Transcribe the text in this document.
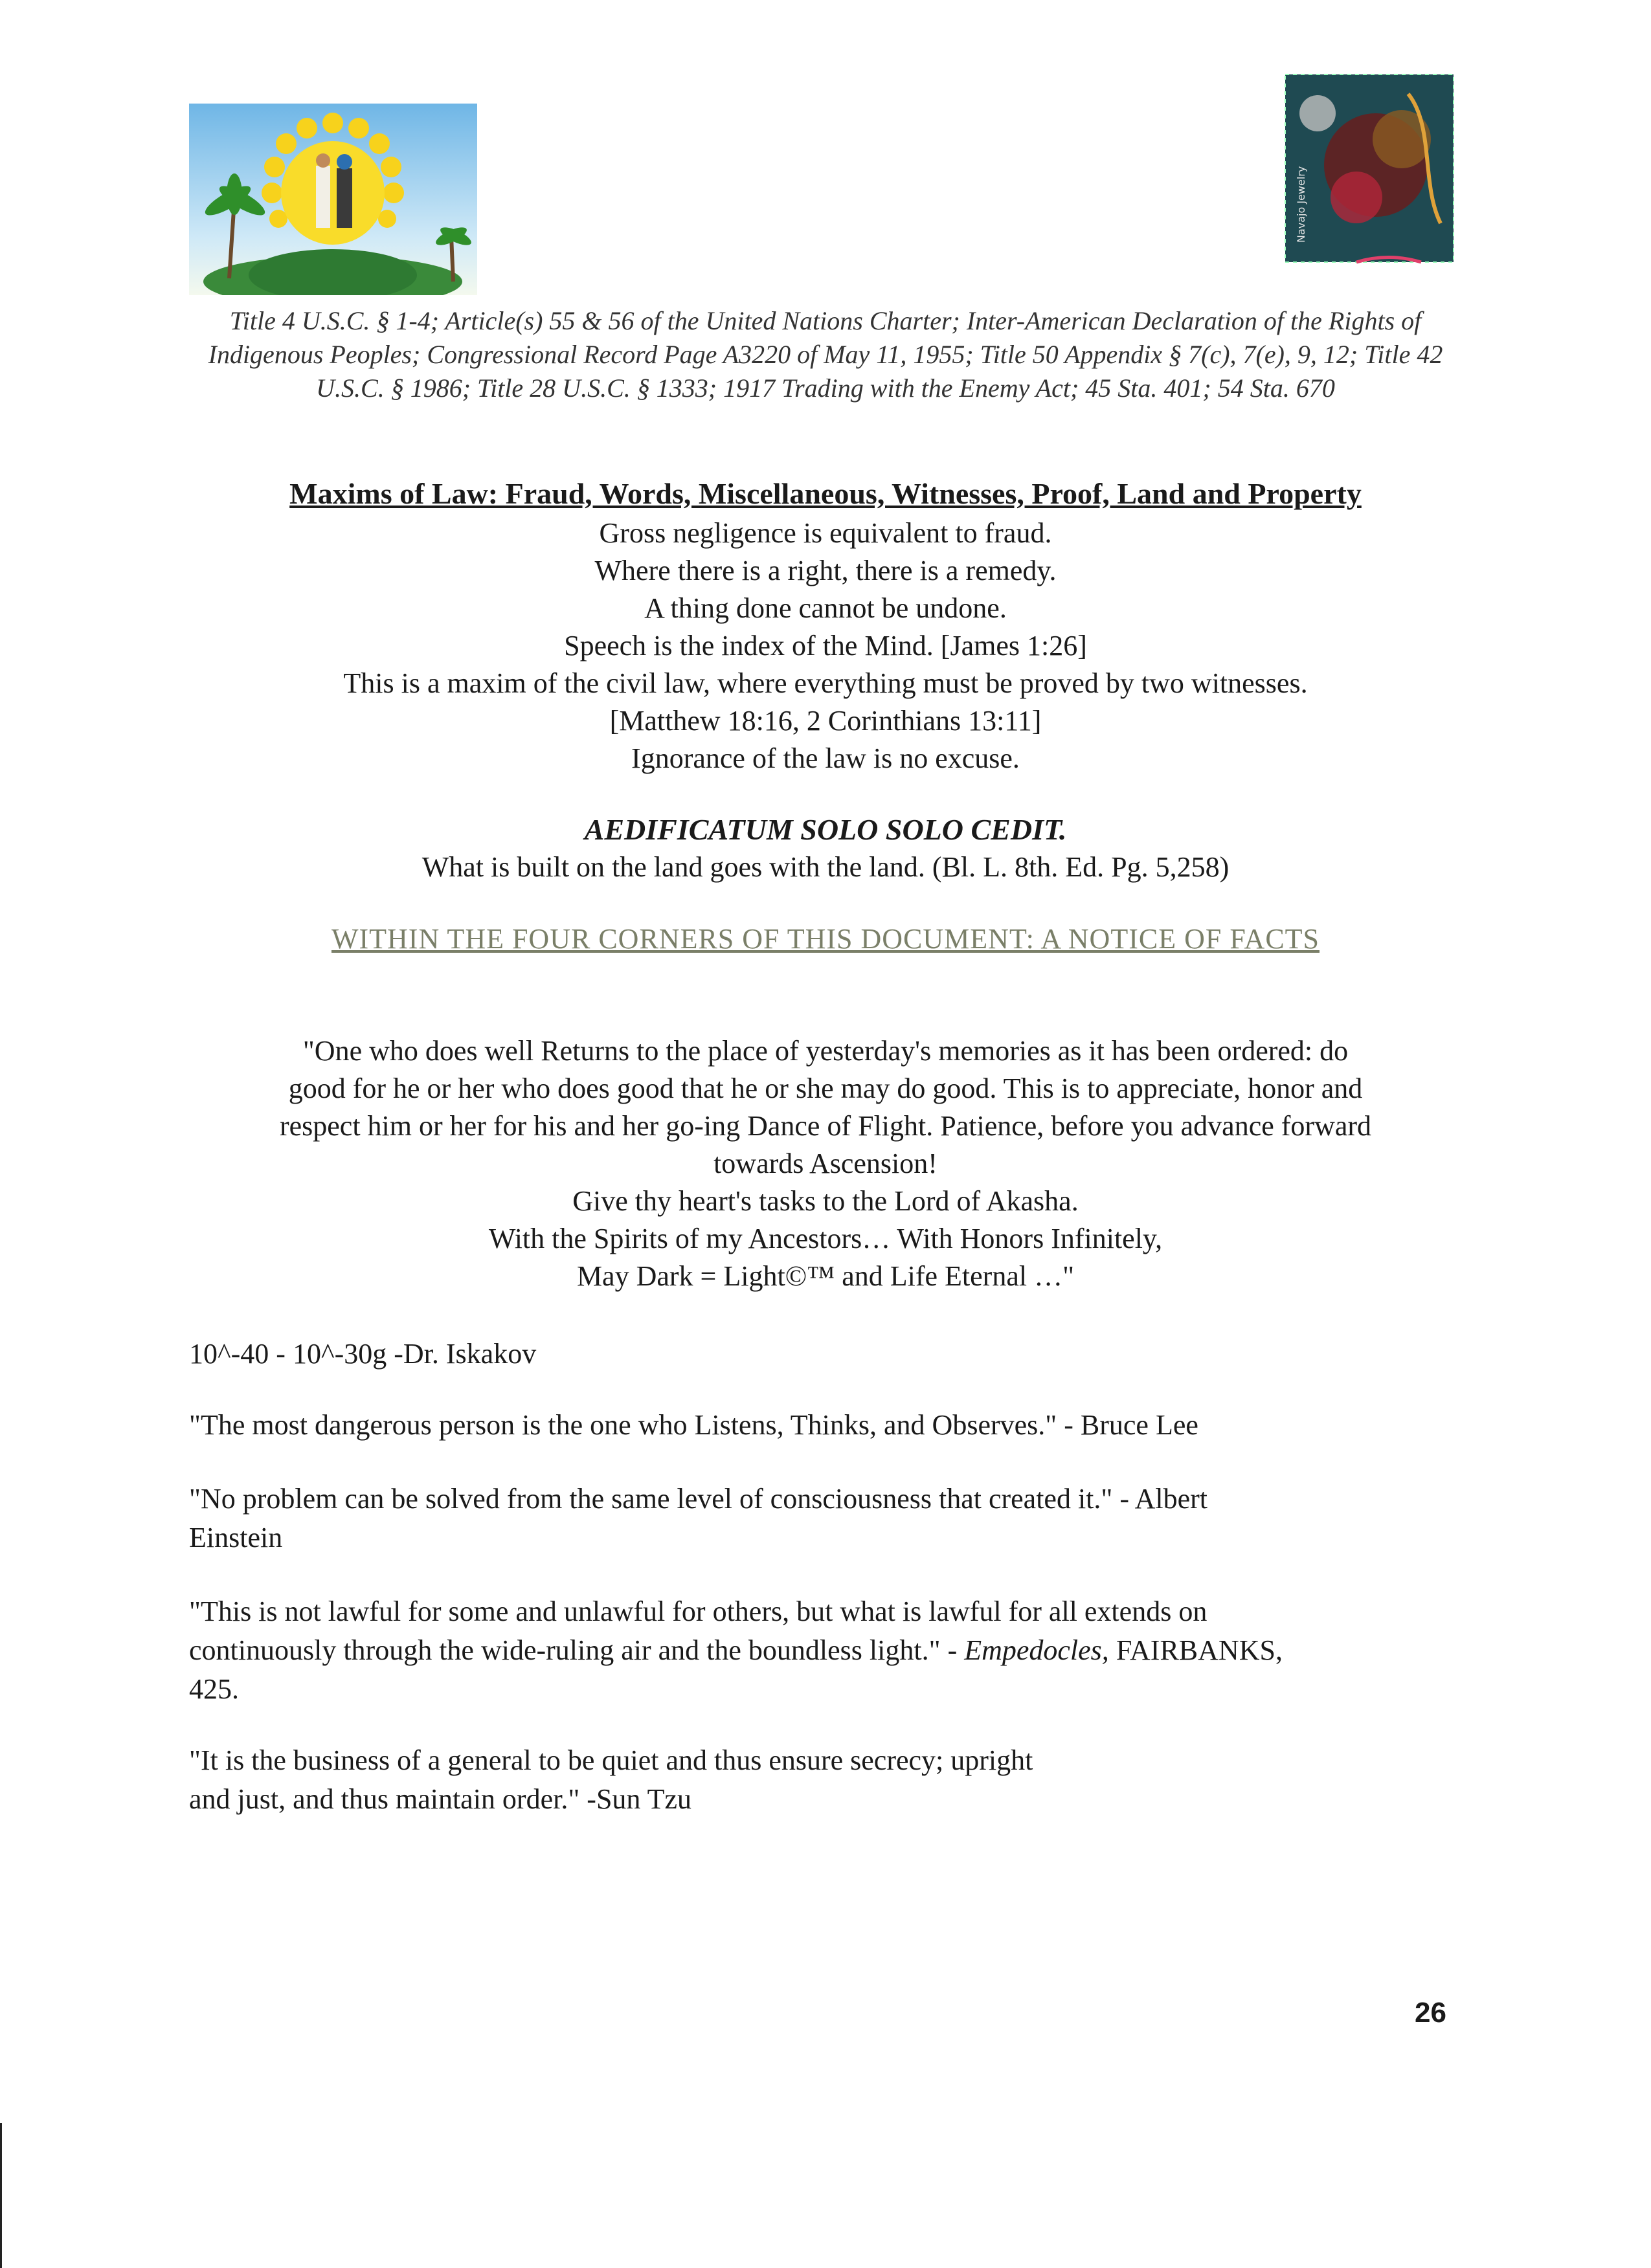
Navajo Jewelry
Title 4 U.S.C. § 1-4; Article(s) 55 & 56 of the United Nations Charter; Inter-American Declaration of the Rights of Indigenous Peoples; Congressional Record Page A3220 of May 11, 1955; Title 50 Appendix § 7(c), 7(e), 9, 12; Title 42 U.S.C. § 1986; Title 28 U.S.C. § 1333; 1917 Trading with the Enemy Act; 45 Sta. 401; 54 Sta. 670
Maxims of Law: Fraud, Words, Miscellaneous, Witnesses, Proof, Land and Property
Gross negligence is equivalent to fraud.
Where there is a right, there is a remedy.
A thing done cannot be undone.
Speech is the index of the Mind. [James 1:26]
This is a maxim of the civil law, where everything must be proved by two witnesses.
[Matthew 18:16, 2 Corinthians 13:11]
Ignorance of the law is no excuse.
AEDIFICATUM SOLO SOLO CEDIT.
What is built on the land goes with the land. (Bl. L. 8th. Ed. Pg. 5,258)
WITHIN THE FOUR CORNERS OF THIS DOCUMENT: A NOTICE OF FACTS
"One who does well Returns to the place of yesterday's memories as it has been ordered: do
good for he or her who does good that he or she may do good. This is to appreciate, honor and
respect him or her for his and her go-ing Dance of Flight. Patience, before you advance forward
towards Ascension!
Give thy heart's tasks to the Lord of Akasha.
With the Spirits of my Ancestors… With Honors Infinitely,
May Dark = Light©™ and Life Eternal …"
10^-40 - 10^-30g -Dr. Iskakov
"The most dangerous person is the one who Listens, Thinks, and Observes." - Bruce Lee
"No problem can be solved from the same level of consciousness that created it." - Albert
Einstein
"This is not lawful for some and unlawful for others, but what is lawful for all extends on
continuously through the wide-ruling air and the boundless light." - Empedocles, FAIRBANKS,
425.
"It is the business of a general to be quiet and thus ensure secrecy; upright
and just, and thus maintain order." -Sun Tzu
26
